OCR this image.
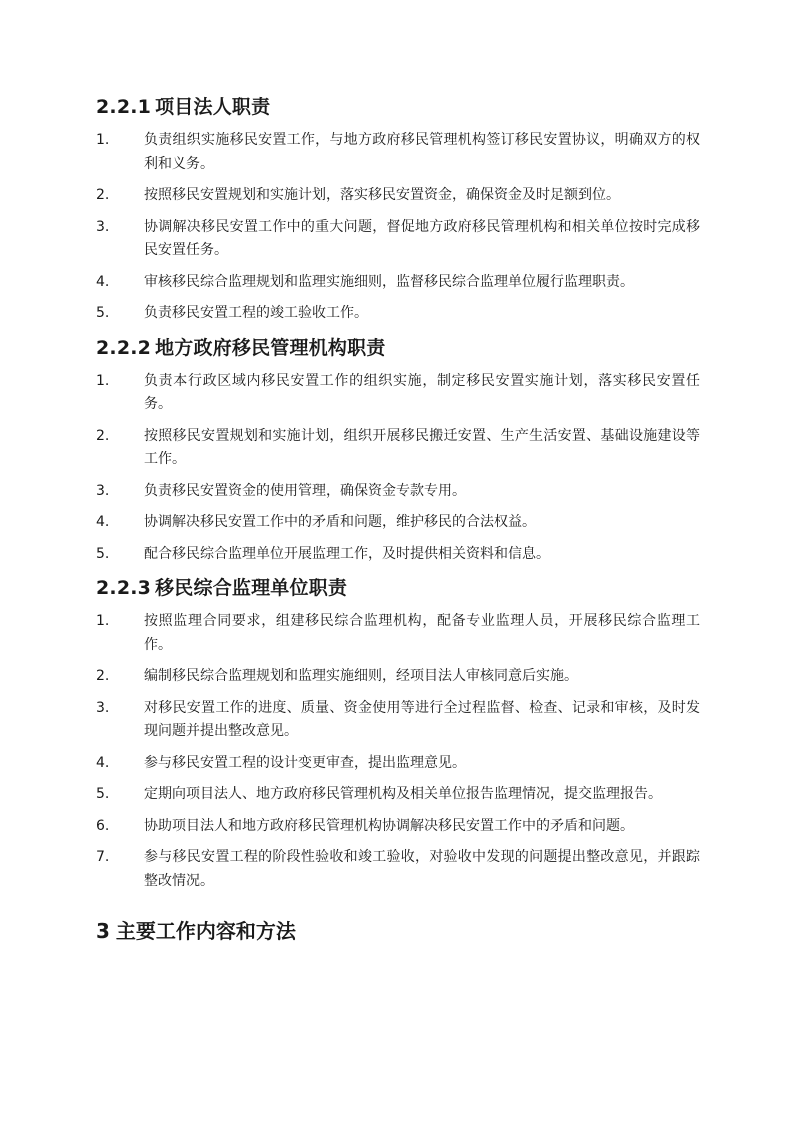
2.2.1 项目法人职责
1.	负责组织实施移民安置工作，与地方政府移民管理机构签订移民安置协议，明确双方的权利和义务。
2.	按照移民安置规划和实施计划，落实移民安置资金，确保资金及时足额到位。
3.	协调解决移民安置工作中的重大问题，督促地方政府移民管理机构和相关单位按时完成移民安置任务。
4.	审核移民综合监理规划和监理实施细则，监督移民综合监理单位履行监理职责。
5.	负责移民安置工程的竣工验收工作。
2.2.2 地方政府移民管理机构职责
1.	负责本行政区域内移民安置工作的组织实施，制定移民安置实施计划，落实移民安置任务。
2.	按照移民安置规划和实施计划，组织开展移民搬迁安置、生产生活安置、基础设施建设等工作。
3.	负责移民安置资金的使用管理，确保资金专款专用。
4.	协调解决移民安置工作中的矛盾和问题，维护移民的合法权益。
5.	配合移民综合监理单位开展监理工作，及时提供相关资料和信息。
2.2.3 移民综合监理单位职责
1.	按照监理合同要求，组建移民综合监理机构，配备专业监理人员，开展移民综合监理工作。
2.	编制移民综合监理规划和监理实施细则，经项目法人审核同意后实施。
3.	对移民安置工作的进度、质量、资金使用等进行全过程监督、检查、记录和审核，及时发现问题并提出整改意见。
4.	参与移民安置工程的设计变更审查，提出监理意见。
5.	定期向项目法人、地方政府移民管理机构及相关单位报告监理情况，提交监理报告。
6.	协助项目法人和地方政府移民管理机构协调解决移民安置工作中的矛盾和问题。
7.	参与移民安置工程的阶段性验收和竣工验收，对验收中发现的问题提出整改意见，并跟踪整改情况。
3 主要工作内容和方法
